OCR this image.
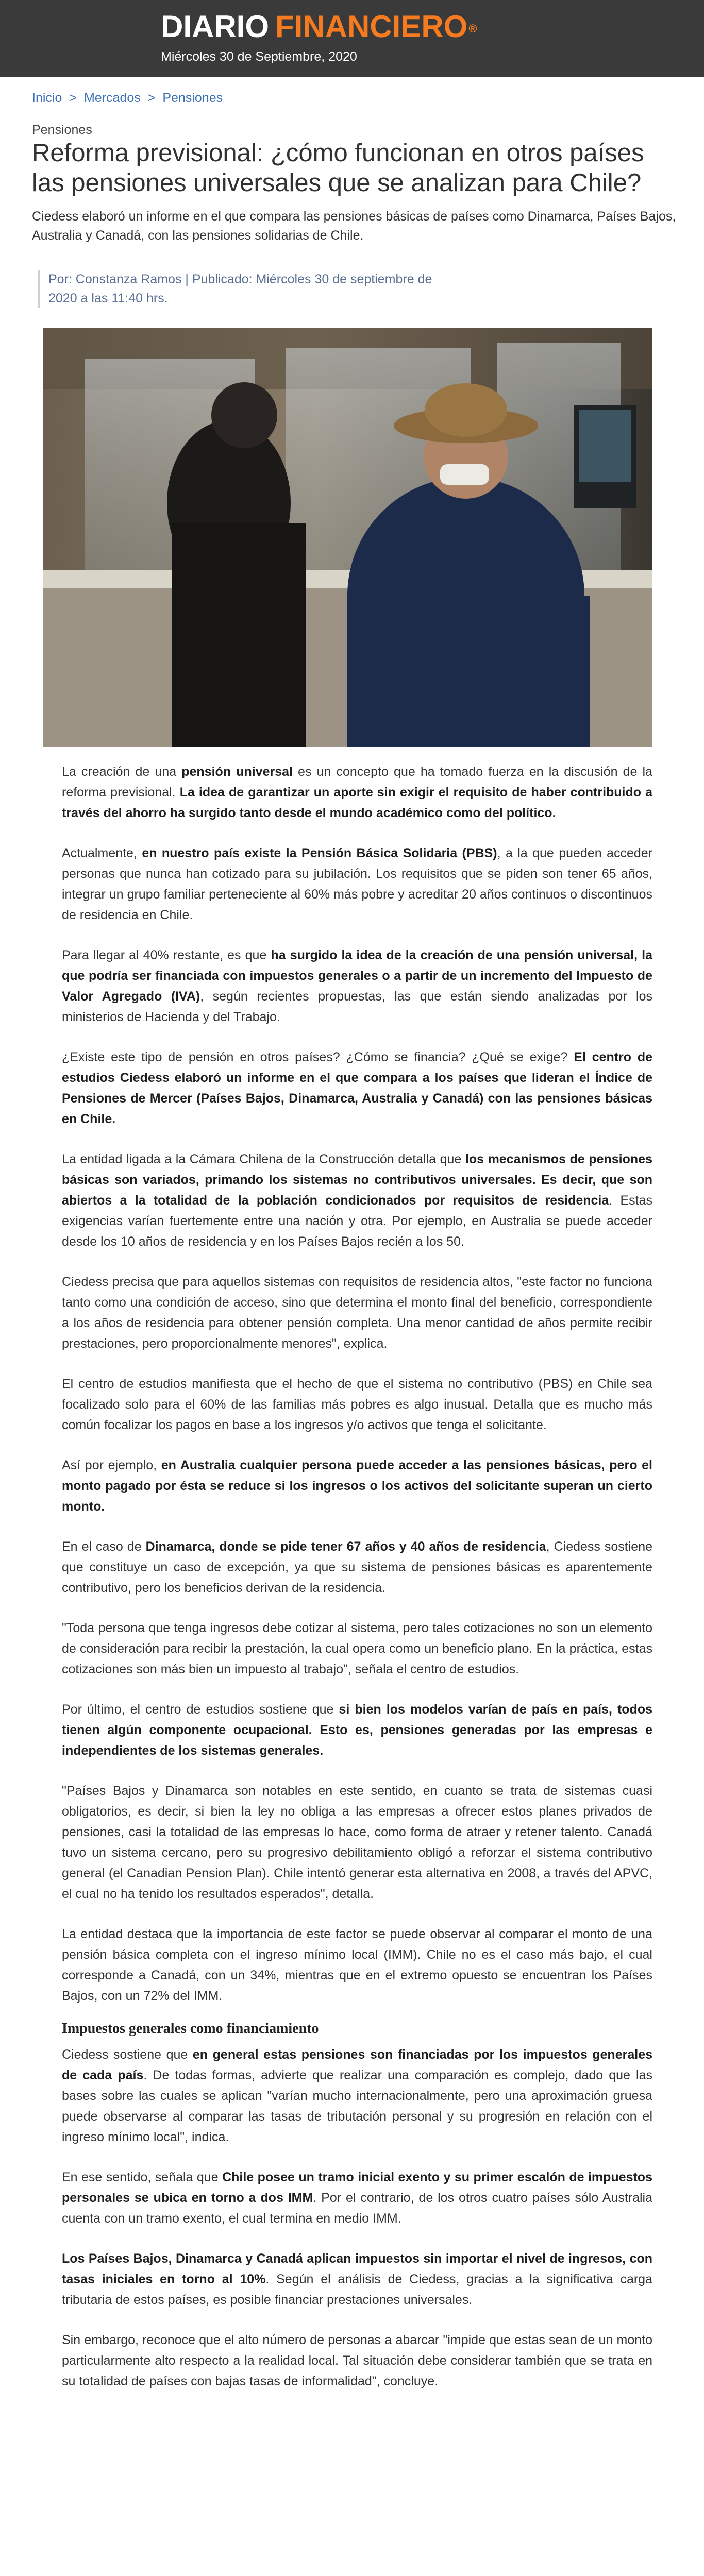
DIARIO FINANCIERO®
Miércoles 30 de Septiembre, 2020
Inicio > Mercados > Pensiones
Pensiones
Reforma previsional: ¿cómo funcionan en otros países las pensiones universales que se analizan para Chile?
Ciedess elaboró un informe en el que compara las pensiones básicas de países como Dinamarca, Países Bajos, Australia y Canadá, con las pensiones solidarias de Chile.
Por: Constanza Ramos | Publicado: Miércoles 30 de septiembre de 2020 a las 11:40 hrs.

La creación de una pensión universal es un concepto que ha tomado fuerza en la discusión de la reforma previsional. La idea de garantizar un aporte sin exigir el requisito de haber contribuido a través del ahorro ha surgido tanto desde el mundo académico como del político.

Actualmente, en nuestro país existe la Pensión Básica Solidaria (PBS), a la que pueden acceder personas que nunca han cotizado para su jubilación. Los requisitos que se piden son tener 65 años, integrar un grupo familiar perteneciente al 60% más pobre y acreditar 20 años continuos o discontinuos de residencia en Chile.

Para llegar al 40% restante, es que ha surgido la idea de la creación de una pensión universal, la que podría ser financiada con impuestos generales o a partir de un incremento del Impuesto de Valor Agregado (IVA), según recientes propuestas, las que están siendo analizadas por los ministerios de Hacienda y del Trabajo.

¿Existe este tipo de pensión en otros países? ¿Cómo se financia? ¿Qué se exige? El centro de estudios Ciedess elaboró un informe en el que compara a los países que lideran el Índice de Pensiones de Mercer (Países Bajos, Dinamarca, Australia y Canadá) con las pensiones básicas en Chile.

La entidad ligada a la Cámara Chilena de la Construcción detalla que los mecanismos de pensiones básicas son variados, primando los sistemas no contributivos universales. Es decir, que son abiertos a la totalidad de la población condicionados por requisitos de residencia. Estas exigencias varían fuertemente entre una nación y otra. Por ejemplo, en Australia se puede acceder desde los 10 años de residencia y en los Países Bajos recién a los 50.

Ciedess precisa que para aquellos sistemas con requisitos de residencia altos, "este factor no funciona tanto como una condición de acceso, sino que determina el monto final del beneficio, correspondiente a los años de residencia para obtener pensión completa. Una menor cantidad de años permite recibir prestaciones, pero proporcionalmente menores", explica.

El centro de estudios manifiesta que el hecho de que el sistema no contributivo (PBS) en Chile sea focalizado solo para el 60% de las familias más pobres es algo inusual. Detalla que es mucho más común focalizar los pagos en base a los ingresos y/o activos que tenga el solicitante.

Así por ejemplo, en Australia cualquier persona puede acceder a las pensiones básicas, pero el monto pagado por ésta se reduce si los ingresos o los activos del solicitante superan un cierto monto.

En el caso de Dinamarca, donde se pide tener 67 años y 40 años de residencia, Ciedess sostiene que constituye un caso de excepción, ya que su sistema de pensiones básicas es aparentemente contributivo, pero los beneficios derivan de la residencia.

"Toda persona que tenga ingresos debe cotizar al sistema, pero tales cotizaciones no son un elemento de consideración para recibir la prestación, la cual opera como un beneficio plano. En la práctica, estas cotizaciones son más bien un impuesto al trabajo", señala el centro de estudios.

Por último, el centro de estudios sostiene que si bien los modelos varían de país en país, todos tienen algún componente ocupacional. Esto es, pensiones generadas por las empresas e independientes de los sistemas generales.

"Países Bajos y Dinamarca son notables en este sentido, en cuanto se trata de sistemas cuasi obligatorios, es decir, si bien la ley no obliga a las empresas a ofrecer estos planes privados de pensiones, casi la totalidad de las empresas lo hace, como forma de atraer y retener talento. Canadá tuvo un sistema cercano, pero su progresivo debilitamiento obligó a reforzar el sistema contributivo general (el Canadian Pension Plan). Chile intentó generar esta alternativa en 2008, a través del APVC, el cual no ha tenido los resultados esperados", detalla.

La entidad destaca que la importancia de este factor se puede observar al comparar el monto de una pensión básica completa con el ingreso mínimo local (IMM). Chile no es el caso más bajo, el cual corresponde a Canadá, con un 34%, mientras que en el extremo opuesto se encuentran los Países Bajos, con un 72% del IMM.

Impuestos generales como financiamiento

Ciedess sostiene que en general estas pensiones son financiadas por los impuestos generales de cada país. De todas formas, advierte que realizar una comparación es complejo, dado que las bases sobre las cuales se aplican "varían mucho internacionalmente, pero una aproximación gruesa puede observarse al comparar las tasas de tributación personal y su progresión en relación con el ingreso mínimo local", indica.

En ese sentido, señala que Chile posee un tramo inicial exento y su primer escalón de impuestos personales se ubica en torno a dos IMM. Por el contrario, de los otros cuatro países sólo Australia cuenta con un tramo exento, el cual termina en medio IMM.

Los Países Bajos, Dinamarca y Canadá aplican impuestos sin importar el nivel de ingresos, con tasas iniciales en torno al 10%. Según el análisis de Ciedess, gracias a la significativa carga tributaria de estos países, es posible financiar prestaciones universales.

Sin embargo, reconoce que el alto número de personas a abarcar "impide que estas sean de un monto particularmente alto respecto a la realidad local. Tal situación debe considerar también que se trata en su totalidad de países con bajas tasas de informalidad", concluye.
